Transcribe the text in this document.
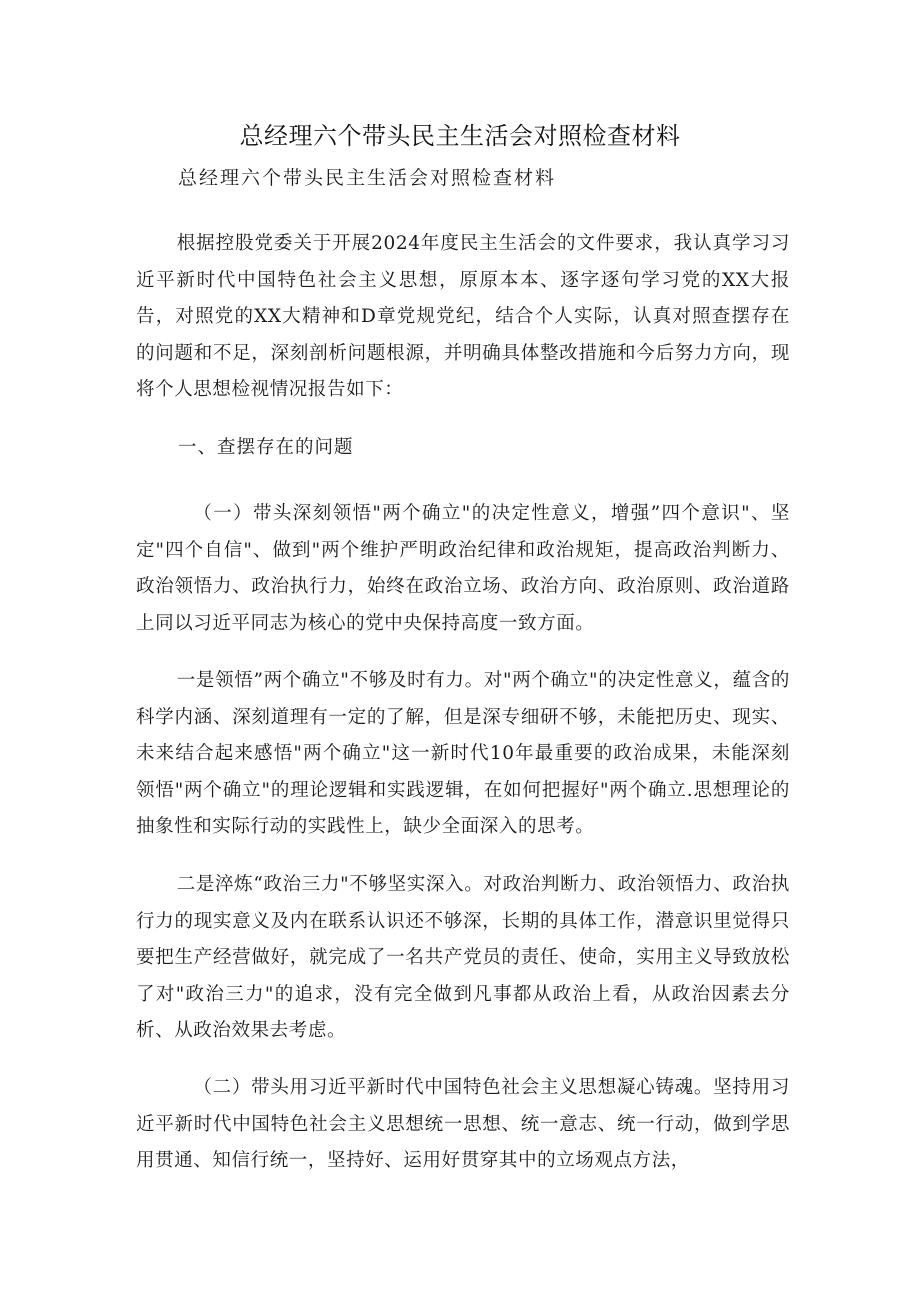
总经理六个带头民主生活会对照检查材料

总经理六个带头民主生活会对照检查材料

根据控股党委关于开展2024年度民主生活会的文件要求，我认真学习习近平新时代中国特色社会主义思想，原原本本、逐字逐句学习党的XX大报告，对照党的XX大精神和D章党规党纪，结合个人实际，认真对照查摆存在的问题和不足，深刻剖析问题根源，并明确具体整改措施和今后努力方向，现将个人思想检视情况报告如下：

一、查摆存在的问题

（一）带头深刻领悟"两个确立"的决定性意义，增强”四个意识"、坚定"四个自信"、做到"两个维护严明政治纪律和政治规矩，提高政治判断力、政治领悟力、政治执行力，始终在政治立场、政治方向、政治原则、政治道路上同以习近平同志为核心的党中央保持高度一致方面。

一是领悟”两个确立"不够及时有力。对"两个确立"的决定性意义，蕴含的科学内涵、深刻道理有一定的了解，但是深专细研不够，未能把历史、现实、未来结合起来感悟"两个确立"这一新时代10年最重要的政治成果，未能深刻领悟"两个确立"的理论逻辑和实践逻辑，在如何把握好"两个确立.思想理论的抽象性和实际行动的实践性上，缺少全面深入的思考。

二是淬炼“政治三力"不够坚实深入。对政治判断力、政治领悟力、政治执行力的现实意义及内在联系认识还不够深，长期的具体工作，潜意识里觉得只要把生产经营做好，就完成了一名共产党员的责任、使命，实用主义导致放松了对"政治三力"的追求，没有完全做到凡事都从政治上看，从政治因素去分析、从政治效果去考虑。

（二）带头用习近平新时代中国特色社会主义思想凝心铸魂。坚持用习近平新时代中国特色社会主义思想统一思想、统一意志、统一行动，做到学思用贯通、知信行统一，坚持好、运用好贯穿其中的立场观点方法，
